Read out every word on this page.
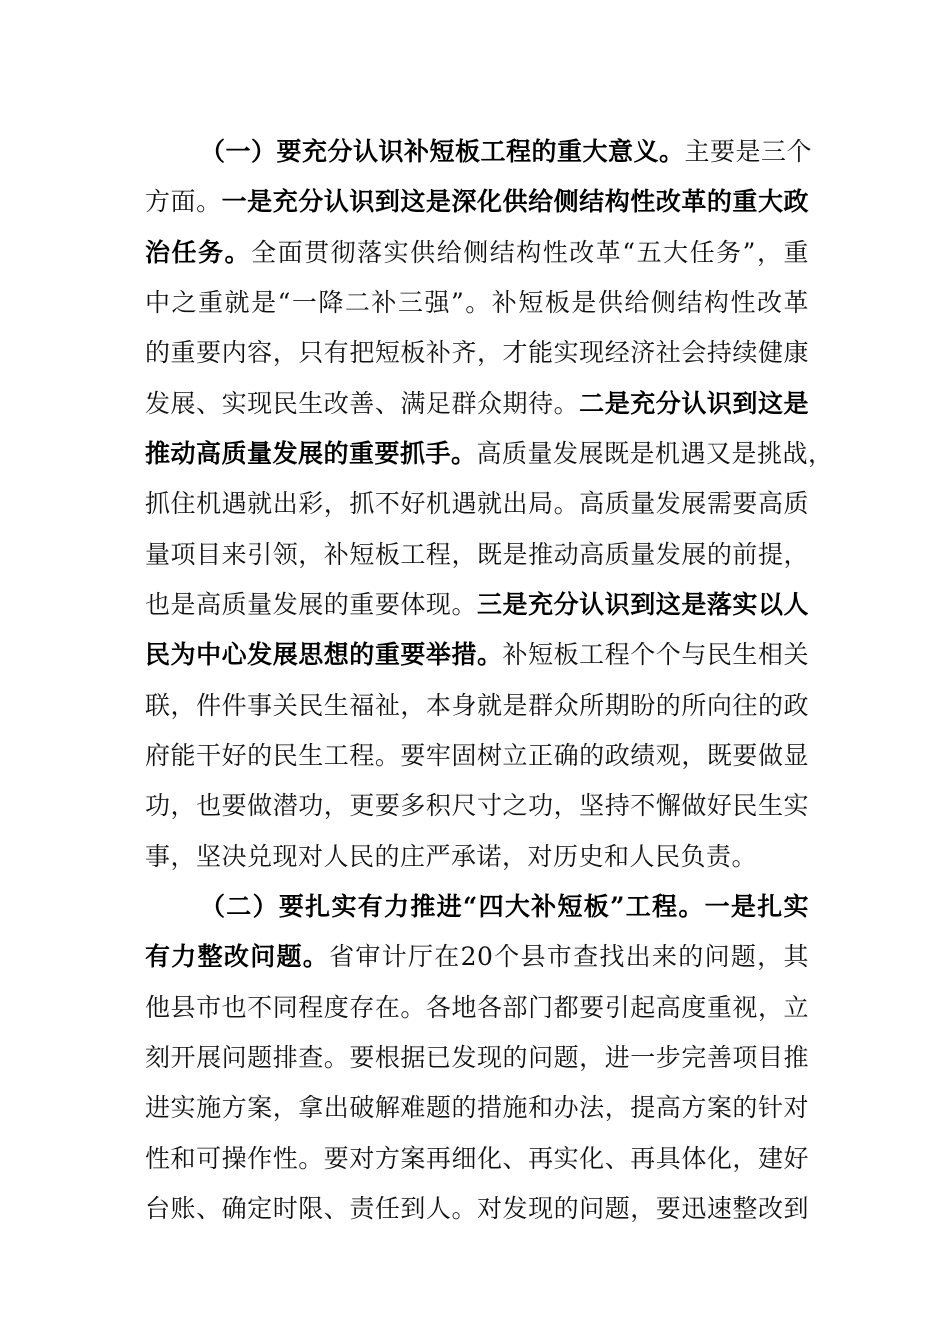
（一）要充分认识补短板工程的重大意义。主要是三个
方面。一是充分认识到这是深化供给侧结构性改革的重大政
治任务。全面贯彻落实供给侧结构性改革“五大任务”，重
中之重就是“一降二补三强”。补短板是供给侧结构性改革
的重要内容，只有把短板补齐，才能实现经济社会持续健康
发展、实现民生改善、满足群众期待。二是充分认识到这是
推动高质量发展的重要抓手。高质量发展既是机遇又是挑战，
抓住机遇就出彩，抓不好机遇就出局。高质量发展需要高质
量项目来引领，补短板工程，既是推动高质量发展的前提，
也是高质量发展的重要体现。三是充分认识到这是落实以人
民为中心发展思想的重要举措。补短板工程个个与民生相关
联，件件事关民生福祉，本身就是群众所期盼的所向往的政
府能干好的民生工程。要牢固树立正确的政绩观，既要做显
功，也要做潜功，更要多积尺寸之功，坚持不懈做好民生实
事，坚决兑现对人民的庄严承诺，对历史和人民负责。
（二）要扎实有力推进“四大补短板”工程。一是扎实
有力整改问题。省审计厅在20个县市查找出来的问题，其
他县市也不同程度存在。各地各部门都要引起高度重视，立
刻开展问题排查。要根据已发现的问题，进一步完善项目推
进实施方案，拿出破解难题的措施和办法，提高方案的针对
性和可操作性。要对方案再细化、再实化、再具体化，建好
台账、确定时限、责任到人。对发现的问题，要迅速整改到
